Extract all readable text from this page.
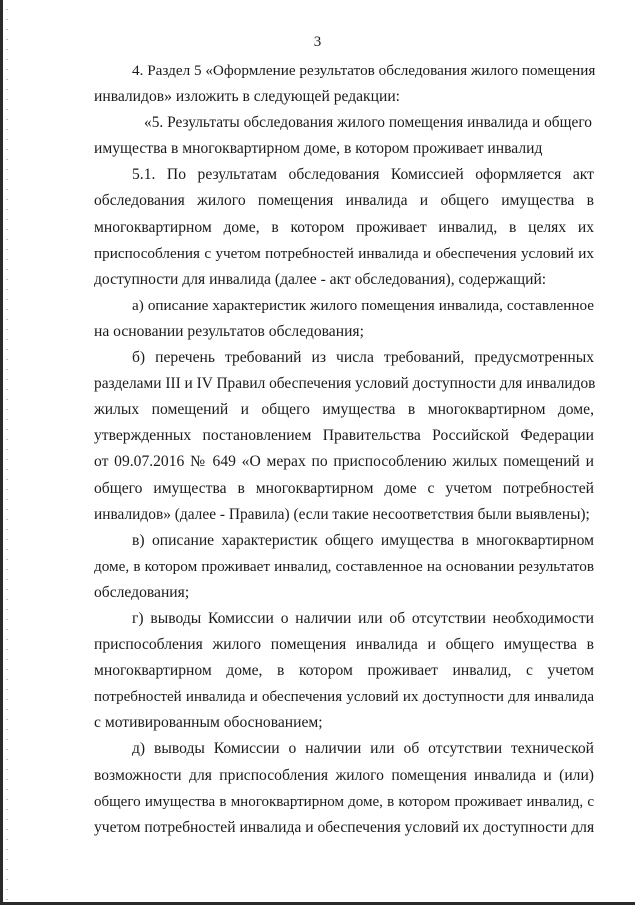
3
4. Раздел 5 «Оформление результатов обследования жилого помещения
инвалидов» изложить в следующей редакции:
«5. Результаты обследования жилого помещения инвалида и общего
имущества в многоквартирном доме, в котором проживает инвалид
5.1. По результатам обследования Комиссией оформляется акт
обследования жилого помещения инвалида и общего имущества в
многоквартирном доме, в котором проживает инвалид, в целях их
приспособления с учетом потребностей инвалида и обеспечения условий их
доступности для инвалида (далее - акт обследования), содержащий:
а) описание характеристик жилого помещения инвалида, составленное
на основании результатов обследования;
б) перечень требований из числа требований, предусмотренных
разделами III и IV Правил обеспечения условий доступности для инвалидов
жилых помещений и общего имущества в многоквартирном доме,
утвержденных постановлением Правительства Российской Федерации
от 09.07.2016 № 649 «О мерах по приспособлению жилых помещений и
общего имущества в многоквартирном доме с учетом потребностей
инвалидов» (далее - Правила) (если такие несоответствия были выявлены);
в) описание характеристик общего имущества в многоквартирном
доме, в котором проживает инвалид, составленное на основании результатов
обследования;
г) выводы Комиссии о наличии или об отсутствии необходимости
приспособления жилого помещения инвалида и общего имущества в
многоквартирном доме, в котором проживает инвалид, с учетом
потребностей инвалида и обеспечения условий их доступности для инвалида
с мотивированным обоснованием;
д) выводы Комиссии о наличии или об отсутствии технической
возможности для приспособления жилого помещения инвалида и (или)
общего имущества в многоквартирном доме, в котором проживает инвалид, с
учетом потребностей инвалида и обеспечения условий их доступности для
